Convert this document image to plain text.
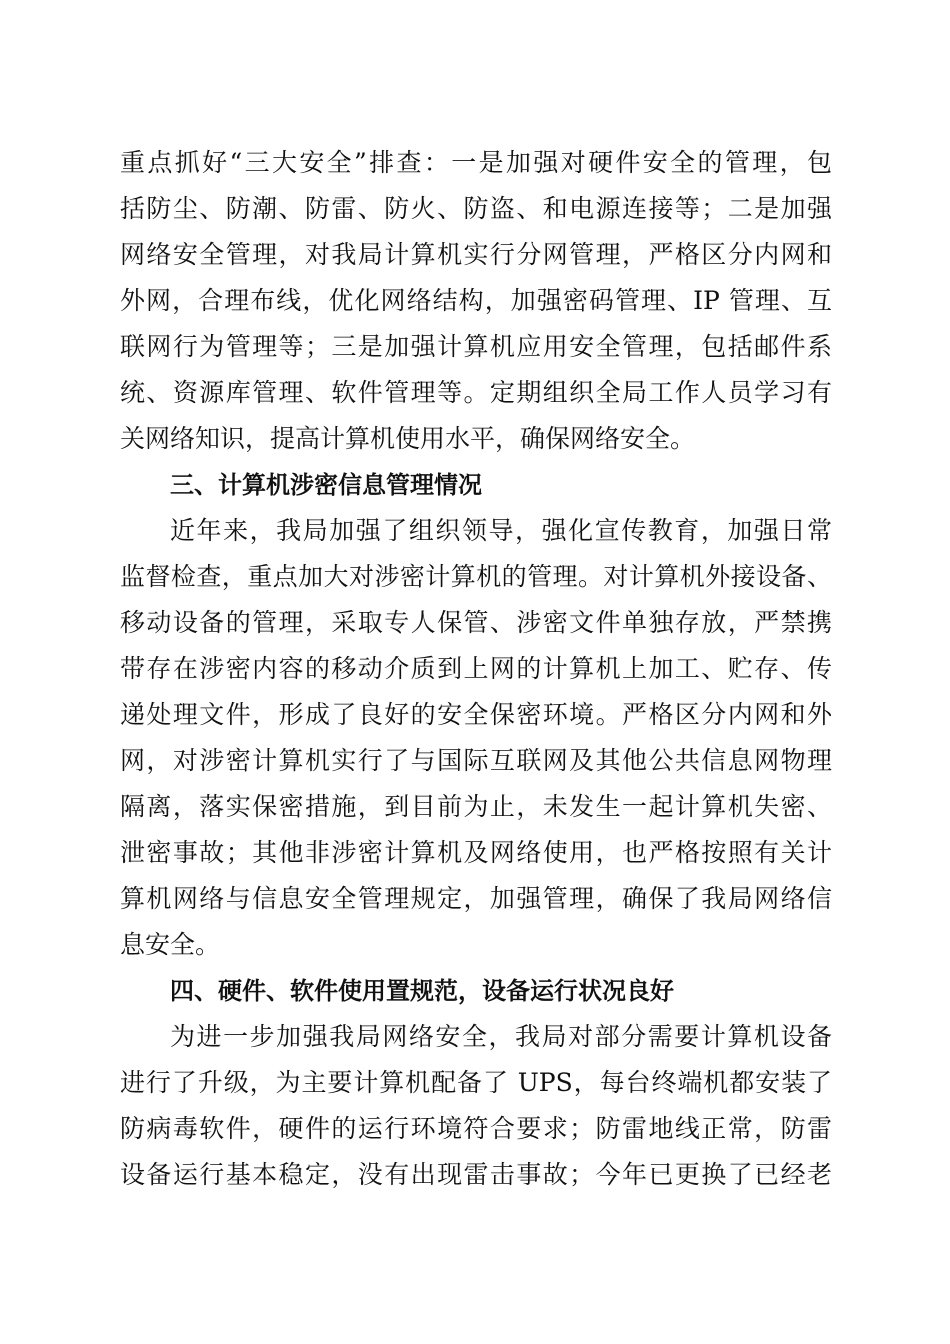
重点抓好“三大安全”排查：一是加强对硬件安全的管理，包
括防尘、防潮、防雷、防火、防盗、和电源连接等；二是加强
网络安全管理，对我局计算机实行分网管理，严格区分内网和
外网，合理布线，优化网络结构，加强密码管理、IP 管理、互
联网行为管理等；三是加强计算机应用安全管理，包括邮件系
统、资源库管理、软件管理等。定期组织全局工作人员学习有
关网络知识，提高计算机使用水平，确保网络安全。
三、计算机涉密信息管理情况
近年来，我局加强了组织领导，强化宣传教育，加强日常
监督检查，重点加大对涉密计算机的管理。对计算机外接设备、
移动设备的管理，采取专人保管、涉密文件单独存放，严禁携
带存在涉密内容的移动介质到上网的计算机上加工、贮存、传
递处理文件，形成了良好的安全保密环境。严格区分内网和外
网，对涉密计算机实行了与国际互联网及其他公共信息网物理
隔离，落实保密措施，到目前为止，未发生一起计算机失密、
泄密事故；其他非涉密计算机及网络使用，也严格按照有关计
算机网络与信息安全管理规定，加强管理，确保了我局网络信
息安全。
四、硬件、软件使用置规范，设备运行状况良好
为进一步加强我局网络安全，我局对部分需要计算机设备
进行了升级，为主要计算机配备了 UPS，每台终端机都安装了
防病毒软件，硬件的运行环境符合要求；防雷地线正常，防雷
设备运行基本稳定，没有出现雷击事故；今年已更换了已经老
